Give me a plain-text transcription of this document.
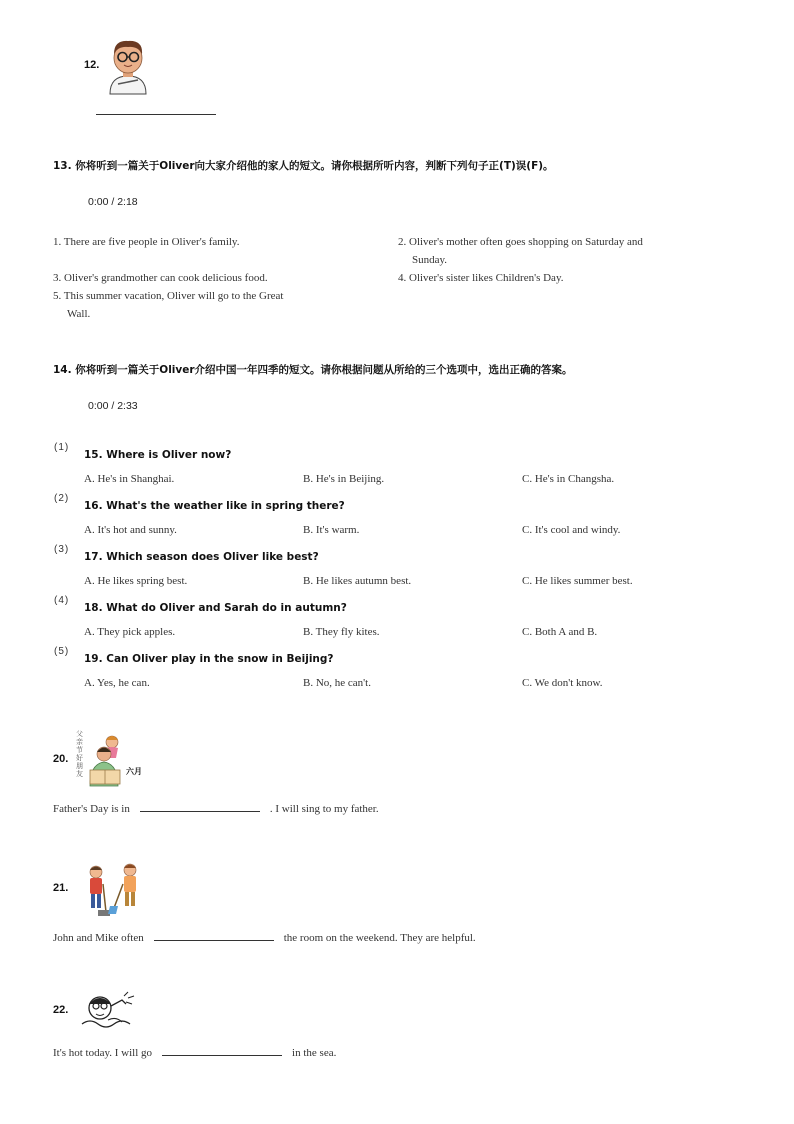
12.
13. 你将听到一篇关于Oliver向大家介绍他的家人的短文。请你根据所听内容，判断下列句子正(T)误(F)。
0:00 / 2:18
1. There are five people in Oliver's family.	2. Oliver's mother often goes shopping on Saturday and
Sunday.
3. Oliver's grandmother can cook delicious food.	4. Oliver's sister likes Children's Day.
5. This summer vacation, Oliver will go to the Great
Wall.
14. 你将听到一篇关于Oliver介绍中国一年四季的短文。请你根据问题从所给的三个选项中，选出正确的答案。
0:00 / 2:33
(1)
15. Where is Oliver now?
A. He's in Shanghai.	B. He's in Beijing.	C. He's in Changsha.
(2)
16. What's the weather like in spring there?
A. It's hot and sunny.	B. It's warm.	C. It's cool and windy.
(3)
17. Which season does Oliver like best?
A. He likes spring best.	B. He likes autumn best.	C. He likes summer best.
(4)
18. What do Oliver and Sarah do in autumn?
A. They pick apples.	B. They fly kites.	C. Both A and B.
(5)
19. Can Oliver play in the snow in Beijing?
A. Yes, he can.	B. No, he can't.	C. We don't know.
20.
父亲节好朋友	六月
Father's Day is in	. I will sing to my father.
21.
John and Mike often	the room on the weekend. They are helpful.
22.
It's hot today. I will go	in the sea.
